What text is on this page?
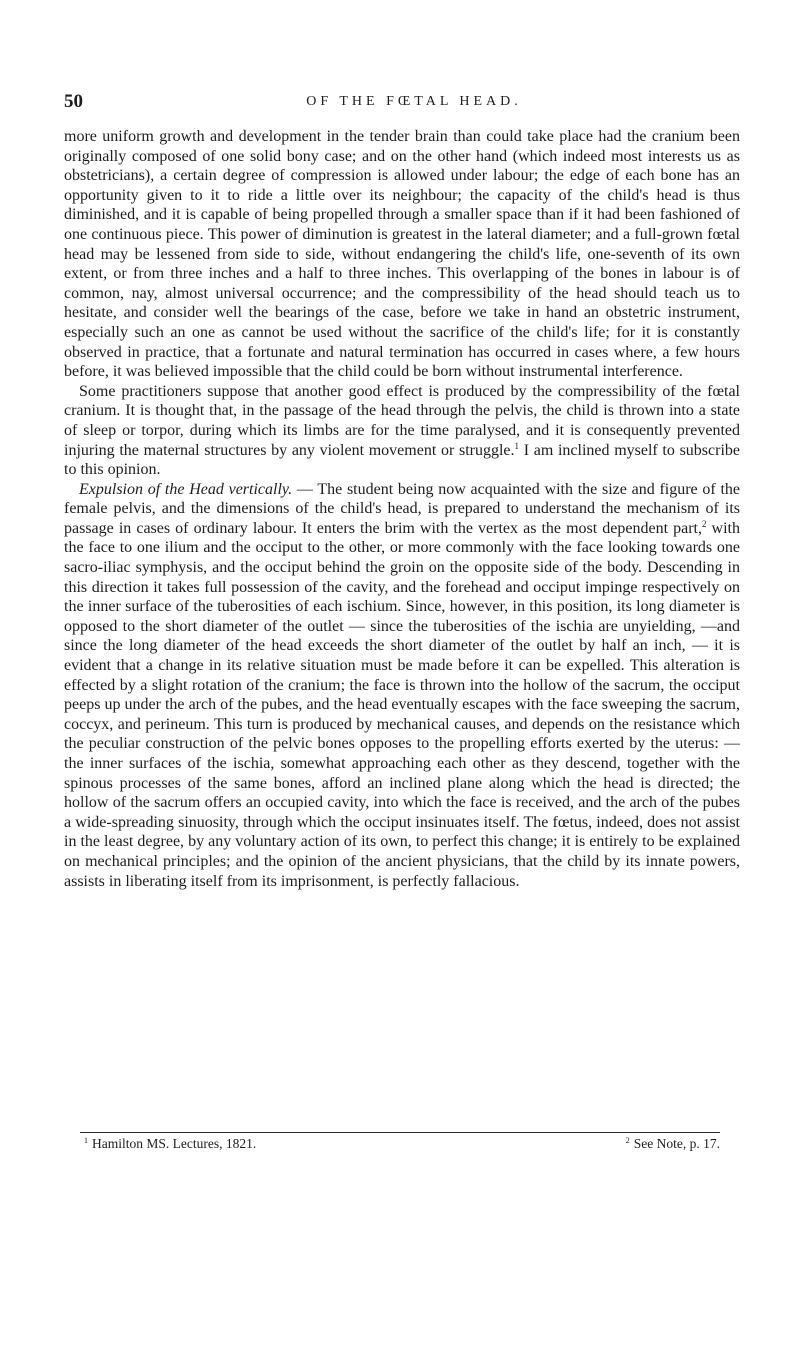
50	OF THE FŒTAL HEAD.

more uniform growth and development in the tender brain than could take place had the cranium been originally composed of one solid bony case; and on the other hand (which indeed most interests us as obstetricians), a certain degree of compression is allowed under labour; the edge of each bone has an opportunity given to it to ride a little over its neighbour; the capacity of the child's head is thus diminished, and it is capable of being propelled through a smaller space than if it had been fashioned of one continuous piece. This power of diminution is greatest in the lateral diameter; and a full-grown fœtal head may be lessened from side to side, without endangering the child's life, one-seventh of its own extent, or from three inches and a half to three inches. This overlapping of the bones in labour is of common, nay, almost universal occurrence; and the compressibility of the head should teach us to hesitate, and consider well the bearings of the case, before we take in hand an obstetric instrument, especially such an one as cannot be used without the sacrifice of the child's life; for it is constantly observed in practice, that a fortunate and natural termination has occurred in cases where, a few hours before, it was believed impossible that the child could be born without instrumental interference.

Some practitioners suppose that another good effect is produced by the compressibility of the fœtal cranium. It is thought that, in the passage of the head through the pelvis, the child is thrown into a state of sleep or torpor, during which its limbs are for the time paralysed, and it is consequently prevented injuring the maternal structures by any violent movement or struggle.$^1$ I am inclined myself to subscribe to this opinion.

Expulsion of the Head vertically. — The student being now acquainted with the size and figure of the female pelvis, and the dimensions of the child's head, is prepared to understand the mechanism of its passage in cases of ordinary labour. It enters the brim with the vertex as the most dependent part,$^2$ with the face to one ilium and the occiput to the other, or more commonly with the face looking towards one sacro-iliac symphysis, and the occiput behind the groin on the opposite side of the body. Descending in this direction it takes full possession of the cavity, and the forehead and occiput impinge respectively on the inner surface of the tuberosities of each ischium. Since, however, in this position, its long diameter is opposed to the short diameter of the outlet — since the tuberosities of the ischia are unyielding, —and since the long diameter of the head exceeds the short diameter of the outlet by half an inch, — it is evident that a change in its relative situation must be made before it can be expelled. This alteration is effected by a slight rotation of the cranium; the face is thrown into the hollow of the sacrum, the occiput peeps up under the arch of the pubes, and the head eventually escapes with the face sweeping the sacrum, coccyx, and perineum. This turn is produced by mechanical causes, and depends on the resistance which the peculiar construction of the pelvic bones opposes to the propelling efforts exerted by the uterus: — the inner surfaces of the ischia, somewhat approaching each other as they descend, together with the spinous processes of the same bones, afford an inclined plane along which the head is directed; the hollow of the sacrum offers an occupied cavity, into which the face is received, and the arch of the pubes a wide-spreading sinuosity, through which the occiput insinuates itself. The fœtus, indeed, does not assist in the least degree, by any voluntary action of its own, to perfect this change; it is entirely to be explained on mechanical principles; and the opinion of the ancient physicians, that the child by its innate powers, assists in liberating itself from its imprisonment, is perfectly fallacious.

$^1$ Hamilton MS. Lectures, 1821.	$^2$ See Note, p. 17.
